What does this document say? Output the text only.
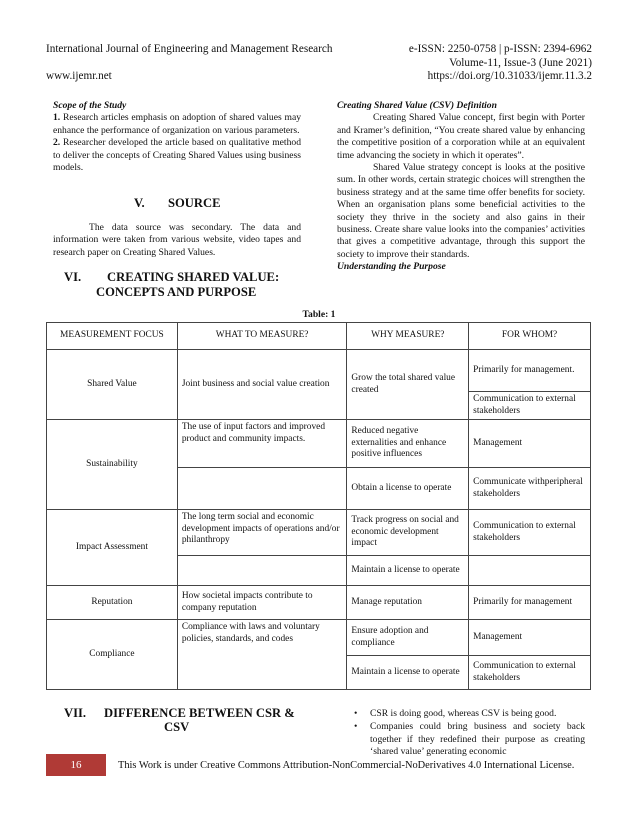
International Journal of Engineering and Management Research	e-ISSN: 2250-0758 | p-ISSN: 2394-6962
Volume-11, Issue-3 (June 2021)
www.ijemr.net	https://doi.org/10.31033/ijemr.11.3.2

Scope of the Study

1. Research articles emphasis on adoption of shared values may enhance the performance of organization on various parameters.

2. Researcher developed the article based on qualitative method to deliver the concepts of Creating Shared Values using business models.

V. SOURCE

The data source was secondary. The data and information were taken from various website, video tapes and research paper on Creating Shared Values.

VI. CREATING SHARED VALUE:
CONCEPTS AND PURPOSE

Creating Shared Value (CSV) Definition

Creating Shared Value concept, first begin with Porter and Kramer’s definition, “You create shared value by enhancing the competitive position of a corporation while at an equivalent time advancing the society in which it operates”.

Shared Value strategy concept is looks at the positive sum. In other words, certain strategic choices will strengthen the business strategy and at the same time offer benefits for society. When an organisation plans some beneficial activities to the society they thrive in the society and also gains in their business. Create share value looks into the companies’ activities that gives a competitive advantage, through this support the society to improve their standards.

Understanding the Purpose

Table: 1
MEASUREMENT FOCUS	WHAT TO MEASURE?	WHY MEASURE?	FOR WHOM?
Shared Value	Joint business and social value creation	Grow the total shared value created	Primarily for management.
			Communication to external stakeholders
Sustainability	The use of input factors and improved product and community impacts.	Reduced negative externalities and enhance positive influences	Management
		Obtain a license to operate	Communicate withperipheral stakeholders
Impact Assessment	The long term social and economic development impacts of operations and/or philanthropy	Track progress on social and economic development impact	Communication to external stakeholders
		Maintain a license to operate	
Reputation	How societal impacts contribute to company reputation	Manage reputation	Primarily for management
Compliance	Compliance with laws and voluntary policies, standards, and codes	Ensure adoption and compliance	Management
		Maintain a license to operate	Communication to external stakeholders
VII. DIFFERENCE BETWEEN CSR &
CSV
• CSR is doing good, whereas CSV is being good.
• Companies could bring business and society back together if they redefined their purpose as creating ‘shared value’ generating economic
16	This Work is under Creative Commons Attribution-NonCommercial-NoDerivatives 4.0 International License.
